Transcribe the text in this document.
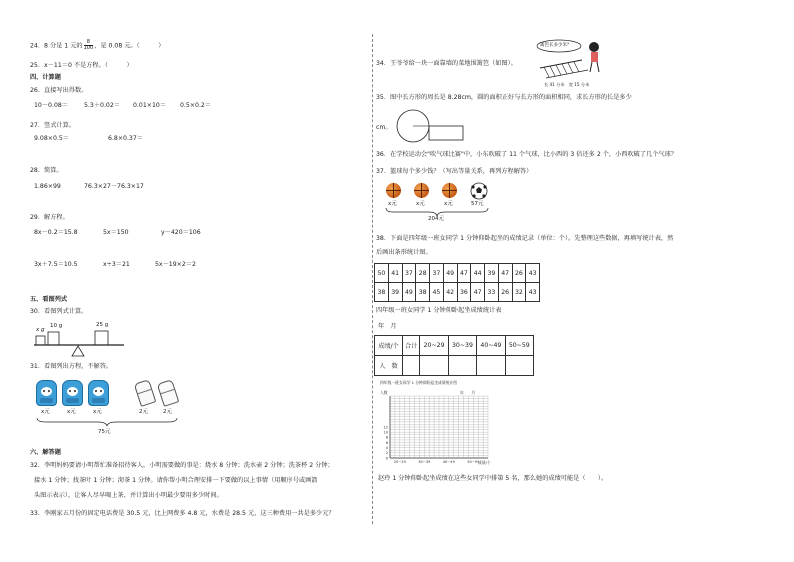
24．8 分是 1 元的 $\frac{8}{100}$ ，是 0.08 元。（　　　）
25．x－11＝0 不是方程。（　　　）
四、计算题
26．直接写出得数。
10－0.08＝	5.3＋0.02＝ 0.01×10＝ 0.5×0.2＝
27．竖式计算。
9.08×0.5＝	6.8×0.37＝
28．简算。
1.86×99	76.3×27－76.3×17
29．解方程。
8x－0.2＝15.8	5x＝150	y－420＝106
3x＋7.5＝10.5	x÷3＝21	5x－19×2＝2
五、看图列式
30．看图列式计算。
x g
10 g	25 g
31．看图列出方程，不解答。
x元	x元	x元	2元	2元
75元
六、解答题
32．李明妈妈要请小明帮忙准备招待客人，小明需要做的事是：烧水 8 分钟；洗水壶 2 分钟；洗茶杯 2 分钟；
接水 1 分钟；找茶叶 1 分钟；沏茶 1 分钟。请你帮小明合理安排一下要做的以上事情（用顺序号或画箭
头图示表示），让客人尽早喝上茶，并计算出小明最少要用多少时间。
33．李刚家五月份的固定电话费是 30.5 元，比上网费多 4.8 元，水费是 28.5 元，这三种费用一共是多少元？
34．王爷爷给一块一面靠墙的菜地围篱笆（如图）。
篱笆长多少米？
长 41 分米　宽 15 分米
35．图中长方形的周长是 8.28cm，圆的面积正好与长方形的面积相同，求长方形的长是多少
cm。
36．在学校运动会"吹气球比赛"中，小东吹破了 11 个气球，比小西的 3 倍还多 2 个，小西吹破了几个气球？
37．篮球每个多少钱？（写出等量关系，再列方程解答）
x元	x元	x元	57元
204元
38．下面是四年级一班女同学 1 分钟仰卧起坐的成绩记录（单位：个）。先整理这些数据，再填写统计表，然
后画出条形统计图。
50	41	37	28	37	49	47	44	39	47	26	43
38	39	49	38	45	42	36	47	33	26	32	43
四年级一班女同学 1 分钟仰卧起坐成绩统计表
年　月
成绩/个	合计	20~29	30~39	40~49	50~59
人　数					
四年级一班女同学 1 分钟仰卧起坐成绩统计图
年　　月
人数
0
2
4
6
8
10
12
20~29	30~39	40~49	50~59
成绩/个
赵玲 1 分钟仰卧起坐成绩在这些女同学中排第 5 名，那么她的成绩可能是（　　）。
